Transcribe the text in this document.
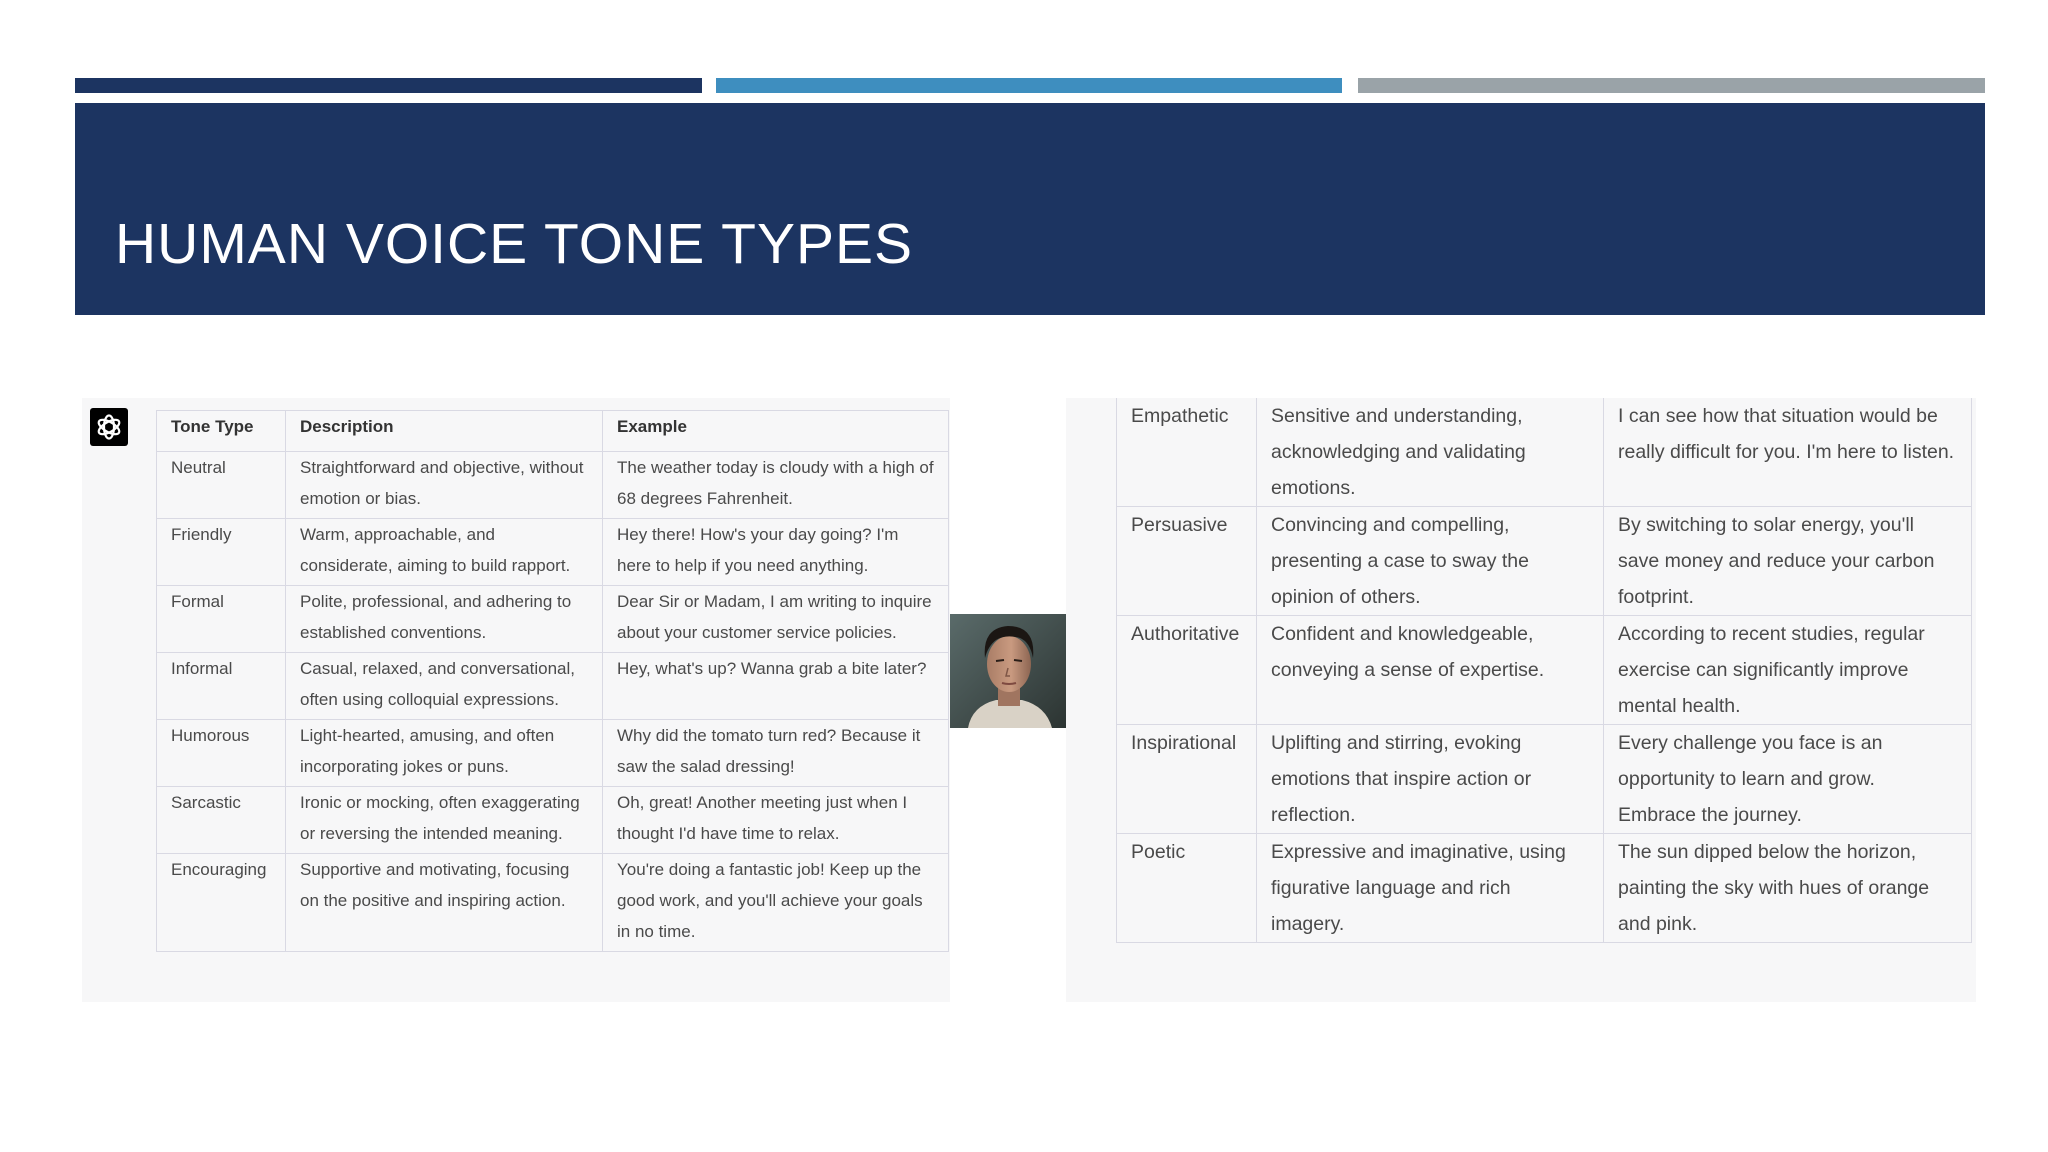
HUMAN VOICE TONE TYPES
Tone Type	Description	Example
Neutral	Straightforward and objective, without emotion or bias.	The weather today is cloudy with a high of 68 degrees Fahrenheit.
Friendly	Warm, approachable, and considerate, aiming to build rapport.	Hey there! How's your day going? I'm here to help if you need anything.
Formal	Polite, professional, and adhering to established conventions.	Dear Sir or Madam, I am writing to inquire about your customer service policies.
Informal	Casual, relaxed, and conversational, often using colloquial expressions.	Hey, what's up? Wanna grab a bite later?
Humorous	Light-hearted, amusing, and often incorporating jokes or puns.	Why did the tomato turn red? Because it saw the salad dressing!
Sarcastic	Ironic or mocking, often exaggerating or reversing the intended meaning.	Oh, great! Another meeting just when I thought I'd have time to relax.
Encouraging	Supportive and motivating, focusing on the positive and inspiring action.	You're doing a fantastic job! Keep up the good work, and you'll achieve your goals in no time.
Empathetic	Sensitive and understanding, acknowledging and validating emotions.	I can see how that situation would be really difficult for you. I'm here to listen.
Persuasive	Convincing and compelling, presenting a case to sway the opinion of others.	By switching to solar energy, you'll save money and reduce your carbon footprint.
Authoritative	Confident and knowledgeable, conveying a sense of expertise.	According to recent studies, regular exercise can significantly improve mental health.
Inspirational	Uplifting and stirring, evoking emotions that inspire action or reflection.	Every challenge you face is an opportunity to learn and grow. Embrace the journey.
Poetic	Expressive and imaginative, using figurative language and rich imagery.	The sun dipped below the horizon, painting the sky with hues of orange and pink.
